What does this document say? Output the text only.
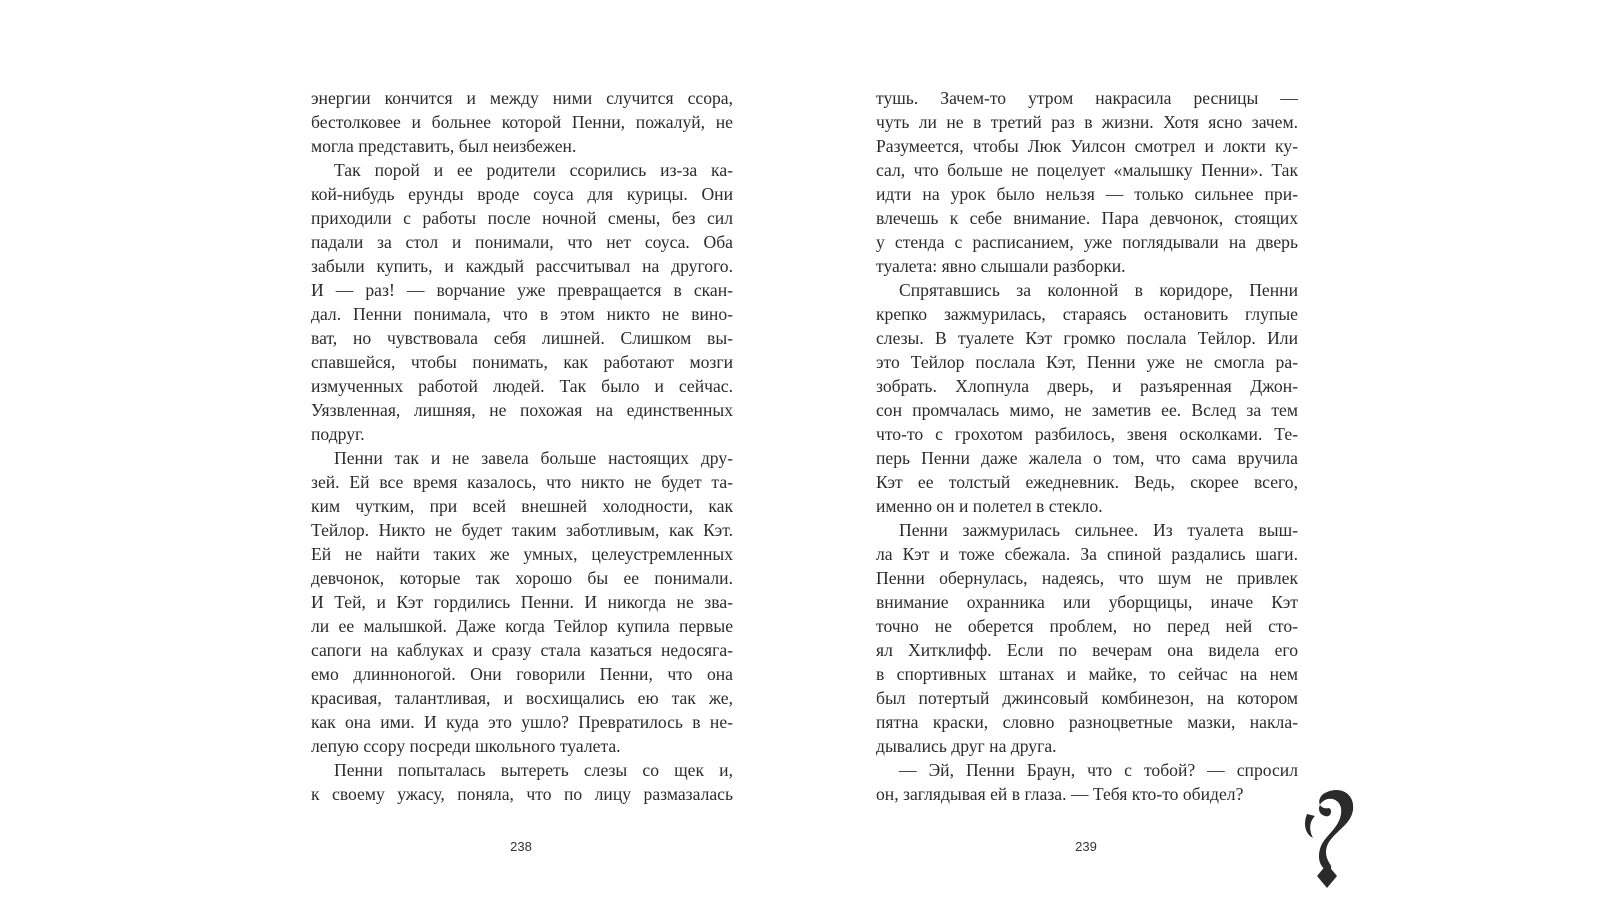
энергии кончится и между ними случится ссора,
бестолковее и больнее которой Пенни, пожалуй, не
могла представить, был неизбежен.
Так порой и ее родители ссорились из-за ка-
кой-нибудь ерунды вроде соуса для курицы. Они
приходили с работы после ночной смены, без сил
падали за стол и понимали, что нет соуса. Оба
забыли купить, и каждый рассчитывал на другого.
И — раз! — ворчание уже превращается в скан-
дал. Пенни понимала, что в этом никто не вино-
ват, но чувствовала себя лишней. Слишком вы-
спавшейся, чтобы понимать, как работают мозги
измученных работой людей. Так было и сейчас.
Уязвленная, лишняя, не похожая на единственных
подруг.
Пенни так и не завела больше настоящих дру-
зей. Ей все время казалось, что никто не будет та-
ким чутким, при всей внешней холодности, как
Тейлор. Никто не будет таким заботливым, как Кэт.
Ей не найти таких же умных, целеустремленных
девчонок, которые так хорошо бы ее понимали.
И Тей, и Кэт гордились Пенни. И никогда не зва-
ли ее малышкой. Даже когда Тейлор купила первые
сапоги на каблуках и сразу стала казаться недосяга-
емо длинноногой. Они говорили Пенни, что она
красивая, талантливая, и восхищались ею так же,
как она ими. И куда это ушло? Превратилось в не-
лепую ссору посреди школьного туалета.
Пенни попыталась вытереть слезы со щек и,
к своему ужасу, поняла, что по лицу размазалась
тушь. Зачем-то утром накрасила ресницы —
чуть ли не в третий раз в жизни. Хотя ясно зачем.
Разумеется, чтобы Люк Уилсон смотрел и локти ку-
сал, что больше не поцелует «малышку Пенни». Так
идти на урок было нельзя — только сильнее при-
влечешь к себе внимание. Пара девчонок, стоящих
у стенда с расписанием, уже поглядывали на дверь
туалета: явно слышали разборки.
Спрятавшись за колонной в коридоре, Пенни
крепко зажмурилась, стараясь остановить глупые
слезы. В туалете Кэт громко послала Тейлор. Или
это Тейлор послала Кэт, Пенни уже не смогла ра-
зобрать. Хлопнула дверь, и разъяренная Джон-
сон промчалась мимо, не заметив ее. Вслед за тем
что-то с грохотом разбилось, звеня осколками. Те-
перь Пенни даже жалела о том, что сама вручила
Кэт ее толстый ежедневник. Ведь, скорее всего,
именно он и полетел в стекло.
Пенни зажмурилась сильнее. Из туалета выш-
ла Кэт и тоже сбежала. За спиной раздались шаги.
Пенни обернулась, надеясь, что шум не привлек
внимание охранника или уборщицы, иначе Кэт
точно не оберется проблем, но перед ней сто-
ял Хитклифф. Если по вечерам она видела его
в спортивных штанах и майке, то сейчас на нем
был потертый джинсовый комбинезон, на котором
пятна краски, словно разноцветные мазки, накла-
дывались друг на друга.
— Эй, Пенни Браун, что с тобой? — спросил
он, заглядывая ей в глаза. — Тебя кто-то обидел?
238	239
